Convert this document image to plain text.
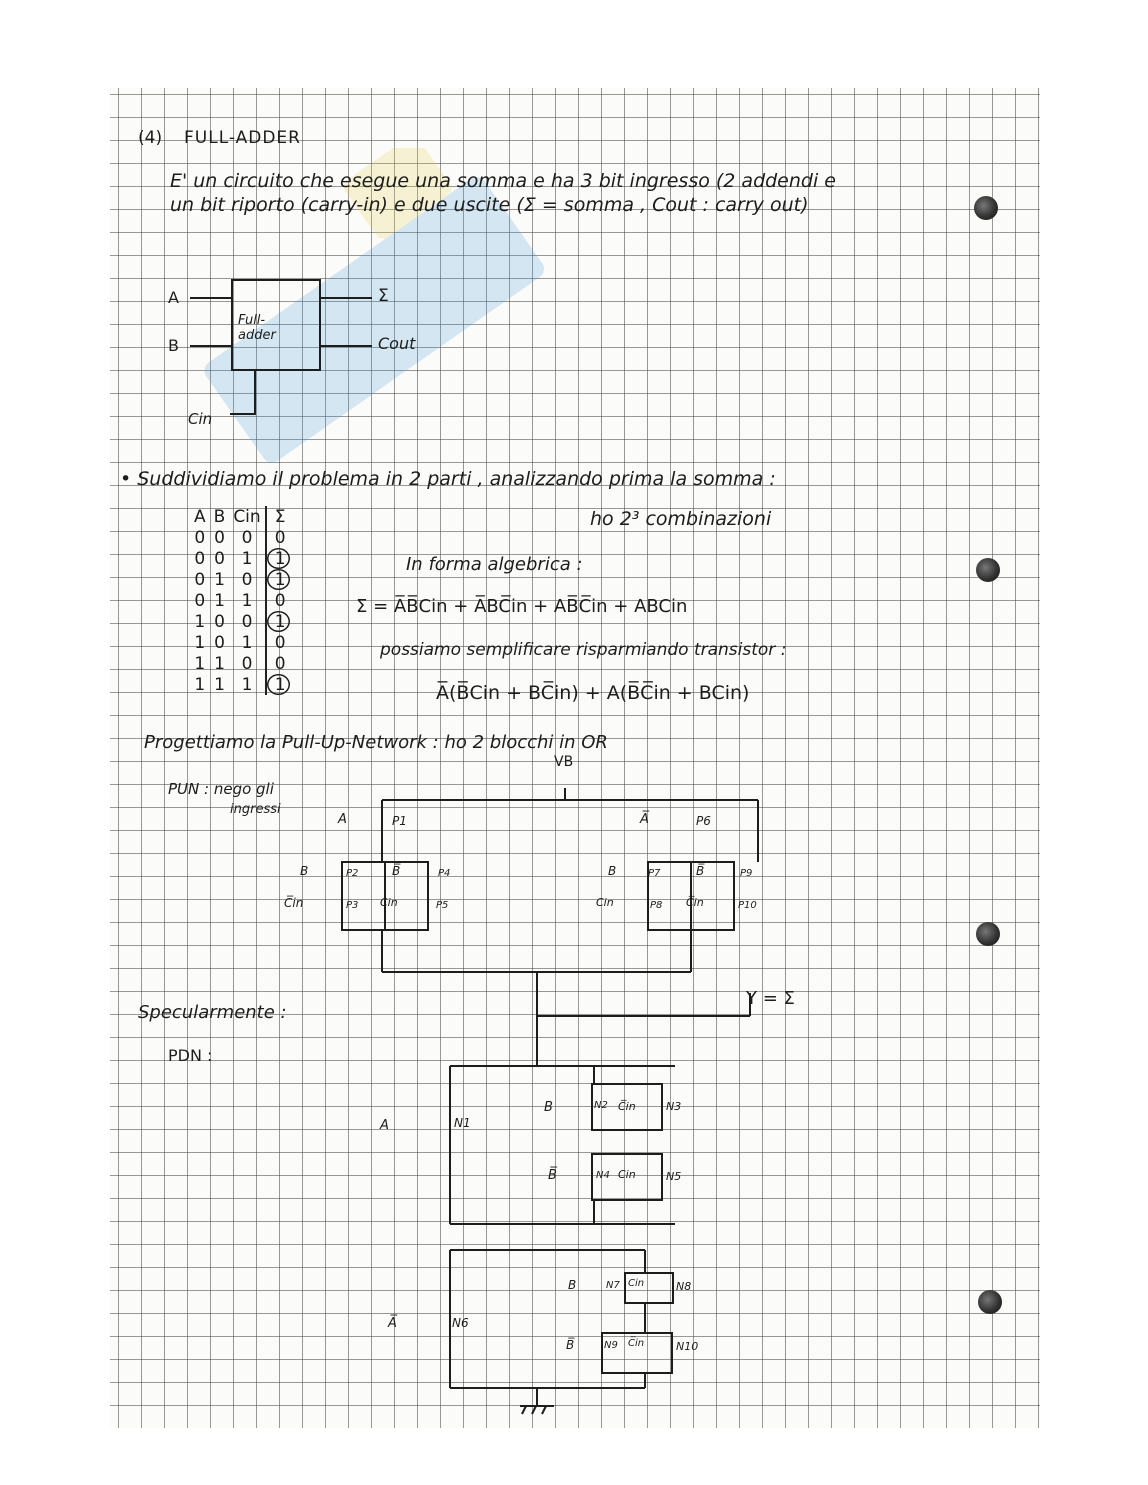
(4) FULL-ADDER
E' un circuito che esegue una somma e ha 3 bit ingresso (2 addendi e
un bit riporto (carry-in) e due uscite (Σ = somma , Cout : carry out)
Full-
adder
A
B
Cin
Σ
Cout
• Suddividiamo il problema in 2 parti , analizzando prima la somma :
A	B	Cin	Σ
0	0	0	0
0	0	1	1
0	1	0	1
0	1	1	0
1	0	0	1
1	0	1	0
1	1	0	0
1	1	1	1
ho 2³ combinazioni
In forma algebrica :
Σ = A̅B̅Cin + A̅BC̅in + AB̅C̅in + ABCin
possiamo semplificare risparmiando transistor :
A̅(B̅Cin + BC̅in) + A(B̅C̅in + BCin)
Progettiamo la Pull-Up-Network : ho 2 blocchi in OR
VB
PUN : nego gli
ingressi
A	P1	A̅	P6
B	P2
C̅in	P3
B̅	P4
Cin	P5
B	P7
Cin	P8
B̅	P9
C̅in	P10
Y = Σ
Specularmente :
PDN :
A	N1
B	N2 C̅in	N3
B̅	N4 Cin	N5
A̅	N6
B	N7 Cin	N8
B̅	N9 C̅in	N10
